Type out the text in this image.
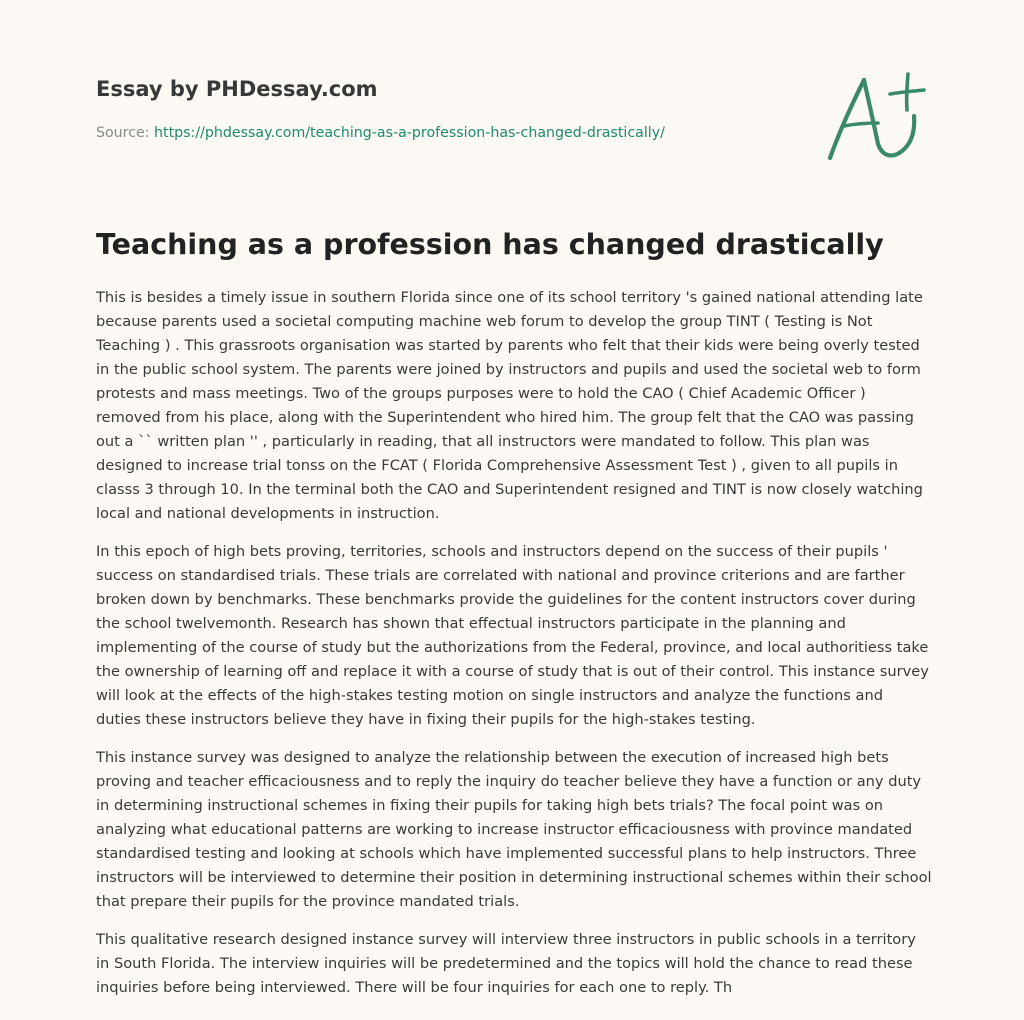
Essay by PHDessay.com
Source: https://phdessay.com/teaching-as-a-profession-has-changed-drastically/
Teaching as a profession has changed drastically

This is besides a timely issue in southern Florida since one of its school territory 's gained national attending late because parents used a societal computing machine web forum to develop the group TINT ( Testing is Not Teaching ) . This grassroots organisation was started by parents who felt that their kids were being overly tested in the public school system. The parents were joined by instructors and pupils and used the societal web to form protests and mass meetings. Two of the groups purposes were to hold the CAO ( Chief Academic Officer ) removed from his place, along with the Superintendent who hired him. The group felt that the CAO was passing out a `` written plan '' , particularly in reading, that all instructors were mandated to follow. This plan was designed to increase trial tonss on the FCAT ( Florida Comprehensive Assessment Test ) , given to all pupils in classs 3 through 10. In the terminal both the CAO and Superintendent resigned and TINT is now closely watching local and national developments in instruction.

In this epoch of high bets proving, territories, schools and instructors depend on the success of their pupils ' success on standardised trials. These trials are correlated with national and province criterions and are farther broken down by benchmarks. These benchmarks provide the guidelines for the content instructors cover during the school twelvemonth. Research has shown that effectual instructors participate in the planning and implementing of the course of study but the authorizations from the Federal, province, and local authoritiess take the ownership of learning off and replace it with a course of study that is out of their control. This instance survey will look at the effects of the high-stakes testing motion on single instructors and analyze the functions and duties these instructors believe they have in fixing their pupils for the high-stakes testing.

This instance survey was designed to analyze the relationship between the execution of increased high bets proving and teacher efficaciousness and to reply the inquiry do teacher believe they have a function or any duty in determining instructional schemes in fixing their pupils for taking high bets trials? The focal point was on analyzing what educational patterns are working to increase instructor efficaciousness with province mandated standardised testing and looking at schools which have implemented successful plans to help instructors. Three instructors will be interviewed to determine their position in determining instructional schemes within their school that prepare their pupils for the province mandated trials.

This qualitative research designed instance survey will interview three instructors in public schools in a territory in South Florida. The interview inquiries will be predetermined and the topics will hold the chance to read these inquiries before being interviewed. There will be four inquiries for each one to reply. Th
